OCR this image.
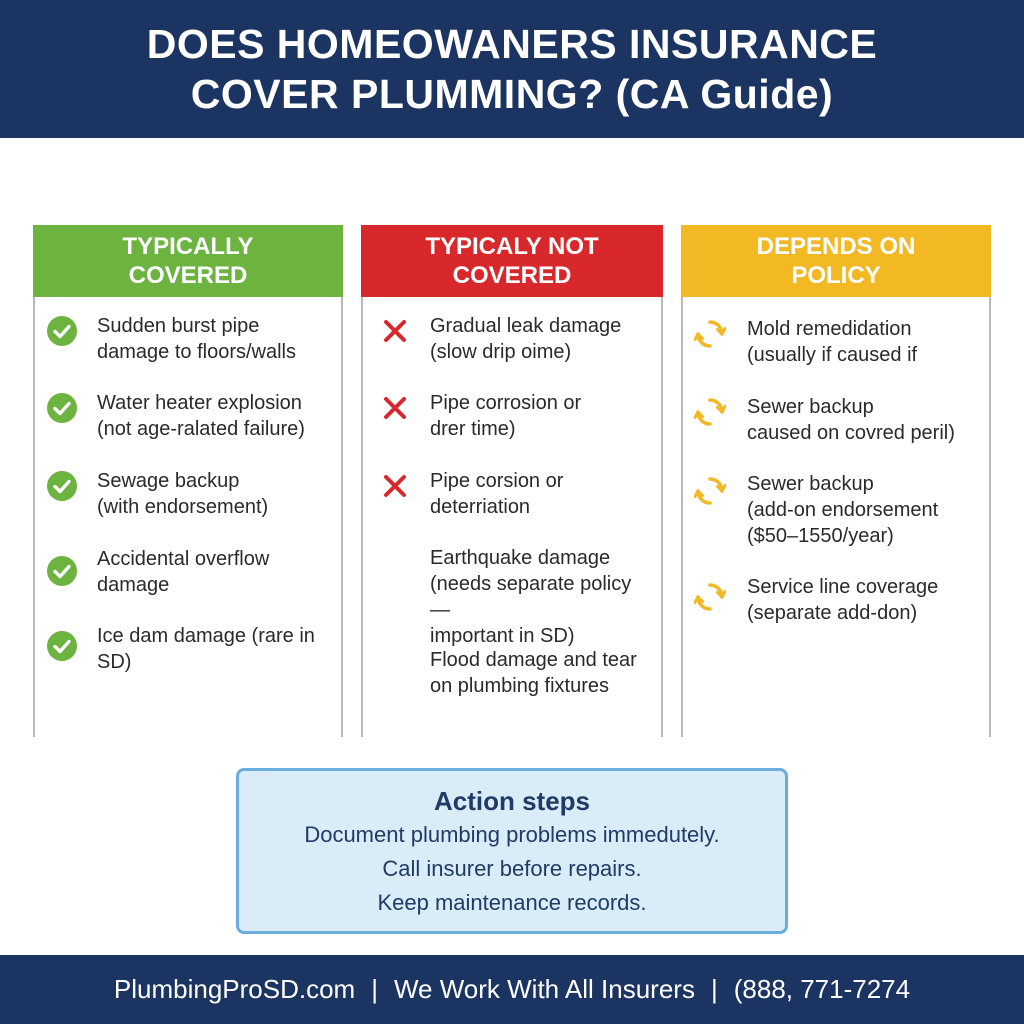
DOES HOMEOWANERS INSURANCE
COVER PLUMMING? (CA Guide)
TYPICALLY
COVERED
Sudden burst pipe
damage to floors/walls
Water heater explosion
(not age-ralated failure)
Sewage backup
(with endorsement)
Accidental overflow
damage
Ice dam damage (rare in
SD)
TYPICALY NOT
COVERED
Gradual leak damage
(slow drip oime)
Pipe corrosion or
drer time)
Pipe corsion or
deterriation
Earthquake damage
(needs separate policy —
important in SD)
Flood damage and tear
on plumbing fixtures
DEPENDS ON
POLICY
Mold remedidation
(usually if caused if
Sewer backup
caused on covred peril)
Sewer backup
(add-on endorsement
($50–1550/year)
Service line coverage
(separate add-don)
Action steps
Document plumbing problems immedutely.
Call insurer before repairs.
Keep maintenance records.
PlumbingProSD.com | We Work With All Insurers | (888, 771-7274
